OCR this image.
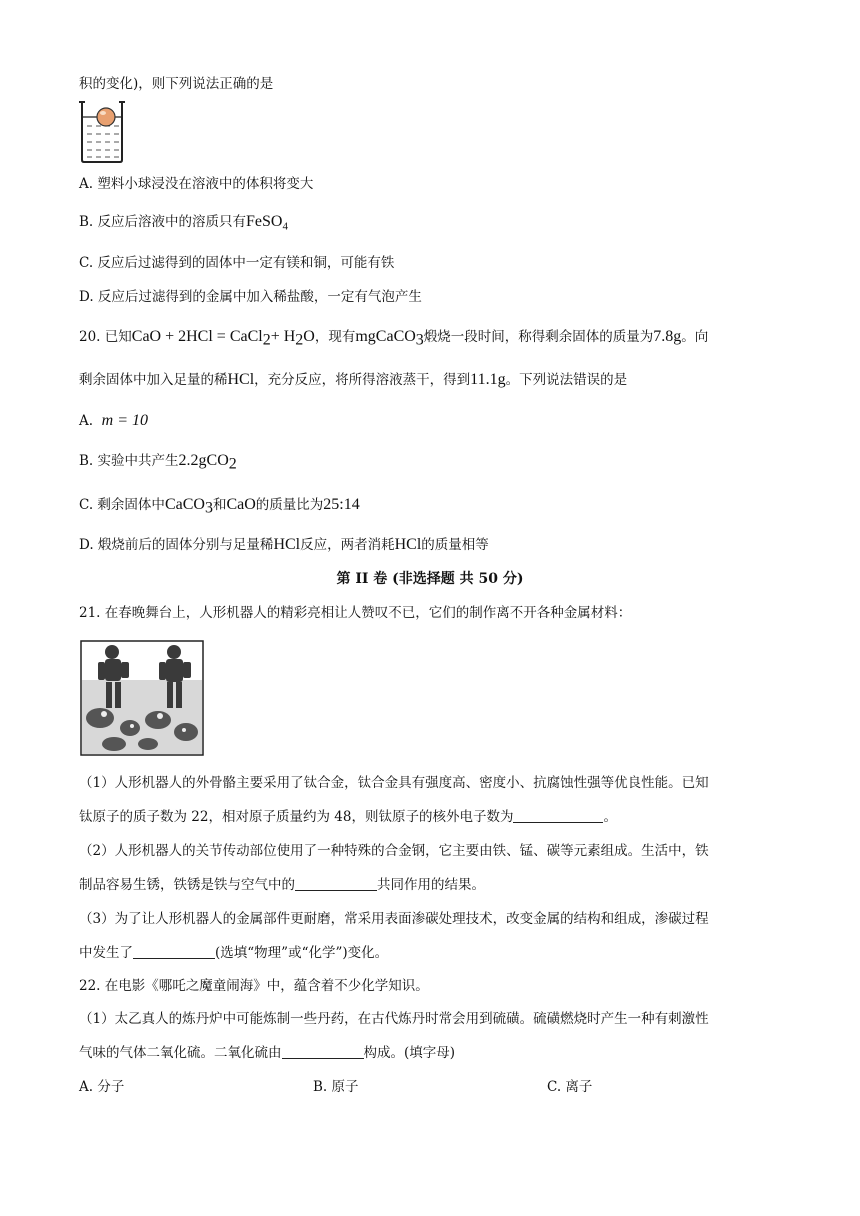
积的变化)，则下列说法正确的是
A. 塑料小球浸没在溶液中的体积将变大
B. 反应后溶液中的溶质只有FeSO$_4$
C. 反应后过滤得到的固体中一定有镁和铜，可能有铁
D. 反应后过滤得到的金属中加入稀盐酸，一定有气泡产生
20. 已知CaO + 2HCl = CaCl$_2$+ $H_2O$，现有mgCaCO$_3$煅烧一段时间，称得剩余固体的质量为7.8g。向
剩余固体中加入足量的稀HCl，充分反应，将所得溶液蒸干，得到11.1g。下列说法错误的是
A. m = 10
B. 实验中共产生2.2gCO$_2$
C. 剩余固体中CaCO$_3$和CaO的质量比为25:14
D. 煅烧前后的固体分别与足量稀HCl反应，两者消耗HCl的质量相等
第 II 卷 (非选择题 共 50 分)
21. 在春晚舞台上，人形机器人的精彩亮相让人赞叹不已，它们的制作离不开各种金属材料：
（1）人形机器人的外骨骼主要采用了钛合金，钛合金具有强度高、密度小、抗腐蚀性强等优良性能。已知
钛原子的质子数为 22，相对原子质量约为 48，则钛原子的核外电子数为	。
（2）人形机器人的关节传动部位使用了一种特殊的合金钢，它主要由铁、锰、碳等元素组成。生活中，铁
制品容易生锈，铁锈是铁与空气中的	共同作用的结果。
（3）为了让人形机器人的金属部件更耐磨，常采用表面渗碳处理技术，改变金属的结构和组成，渗碳过程
中发生了	(选填“物理”或“化学”)变化。
22. 在电影《哪吒之魔童闹海》中，蕴含着不少化学知识。
（1）太乙真人的炼丹炉中可能炼制一些丹药，在古代炼丹时常会用到硫磺。硫磺燃烧时产生一种有刺激性
气味的气体二氧化硫。二氧化硫由	构成。(填字母)
A. 分子	B. 原子	C. 离子
